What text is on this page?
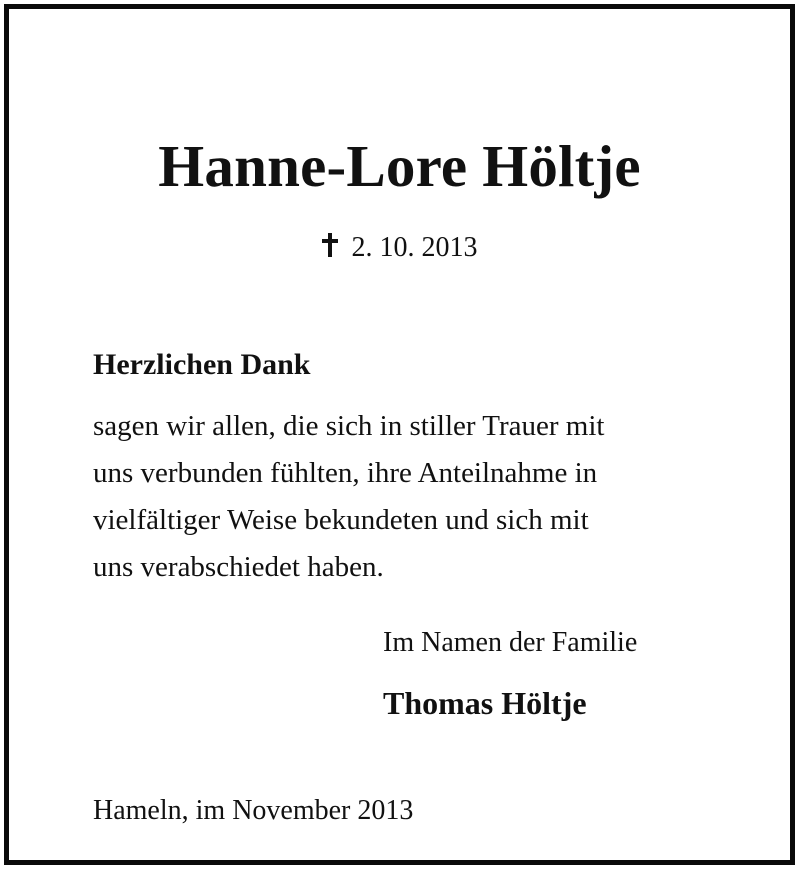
Hanne-Lore Höltje
2. 10. 2013
Herzlichen Dank
sagen wir allen, die sich in stiller Trauer mit
uns verbunden fühlten, ihre Anteilnahme in
vielfältiger Weise bekundeten und sich mit
uns verabschiedet haben.
Im Namen der Familie
Thomas Höltje
Hameln, im November 2013
